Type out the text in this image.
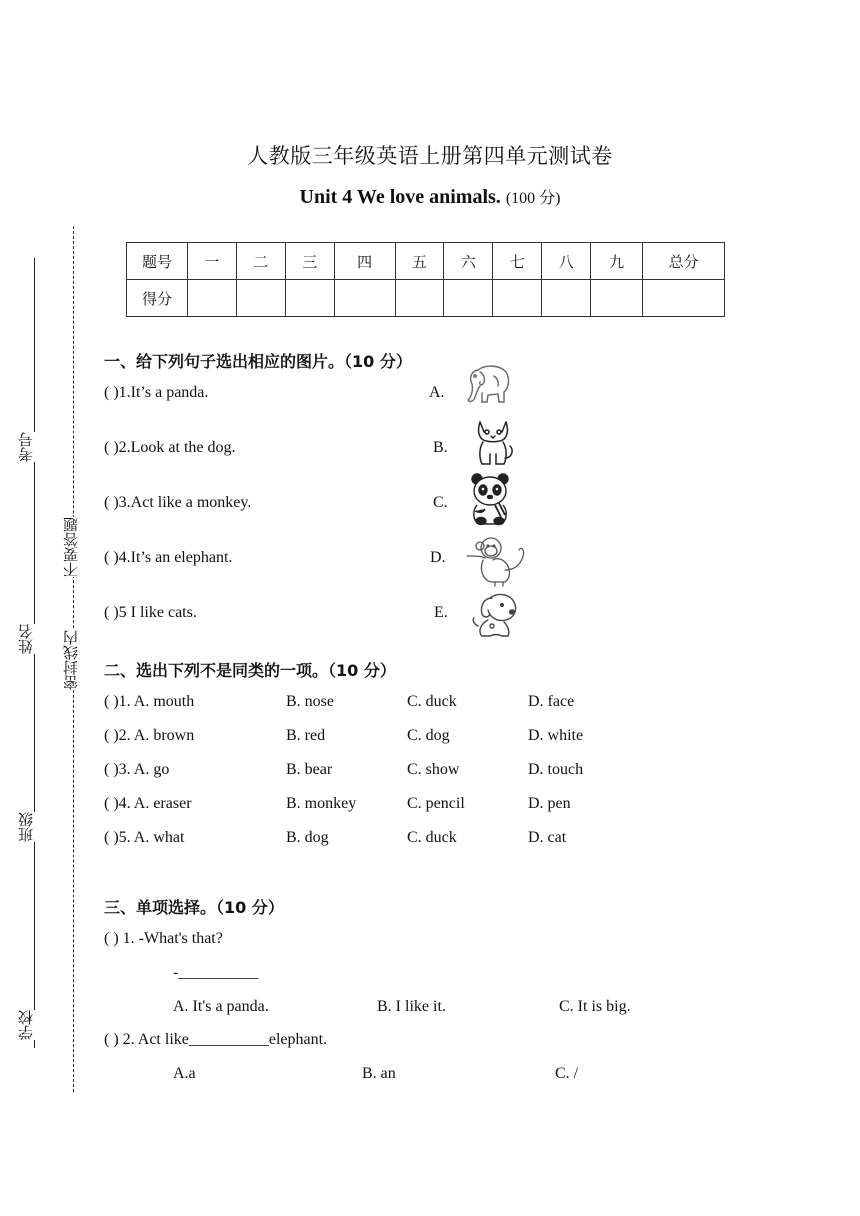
考号
姓名
班级
学校
不要答题
密封线内
人教版三年级英语上册第四单元测试卷
Unit 4 We love animals. (100 分)
题号	一	二	三	四	五	六	七	八	九	总分
得分										
一、给下列句子选出相应的图片。（10 分）
( )1.It’s a panda.
( )2.Look at the dog.
( )3.Act like a monkey.
( )4.It’s an elephant.
( )5 I like cats.
A.
B.
C.
D.
E.
二、选出下列不是同类的一项。（10 分）
( )1. A. mouth	B. nose	C. duck	D. face
( )2. A. brown	B. red	C. dog	D. white
( )3. A. go	B. bear	C. show	D. touch
( )4. A. eraser	B. monkey	C. pencil	D. pen
( )5. A. what	B. dog	C. duck	D. cat
三、单项选择。（10 分）
( ) 1. -What's that?
-__________
A. It's a panda.	B. I like it.	C. It is big.
( ) 2. Act like__________elephant.
A.a	B. an	C. /
